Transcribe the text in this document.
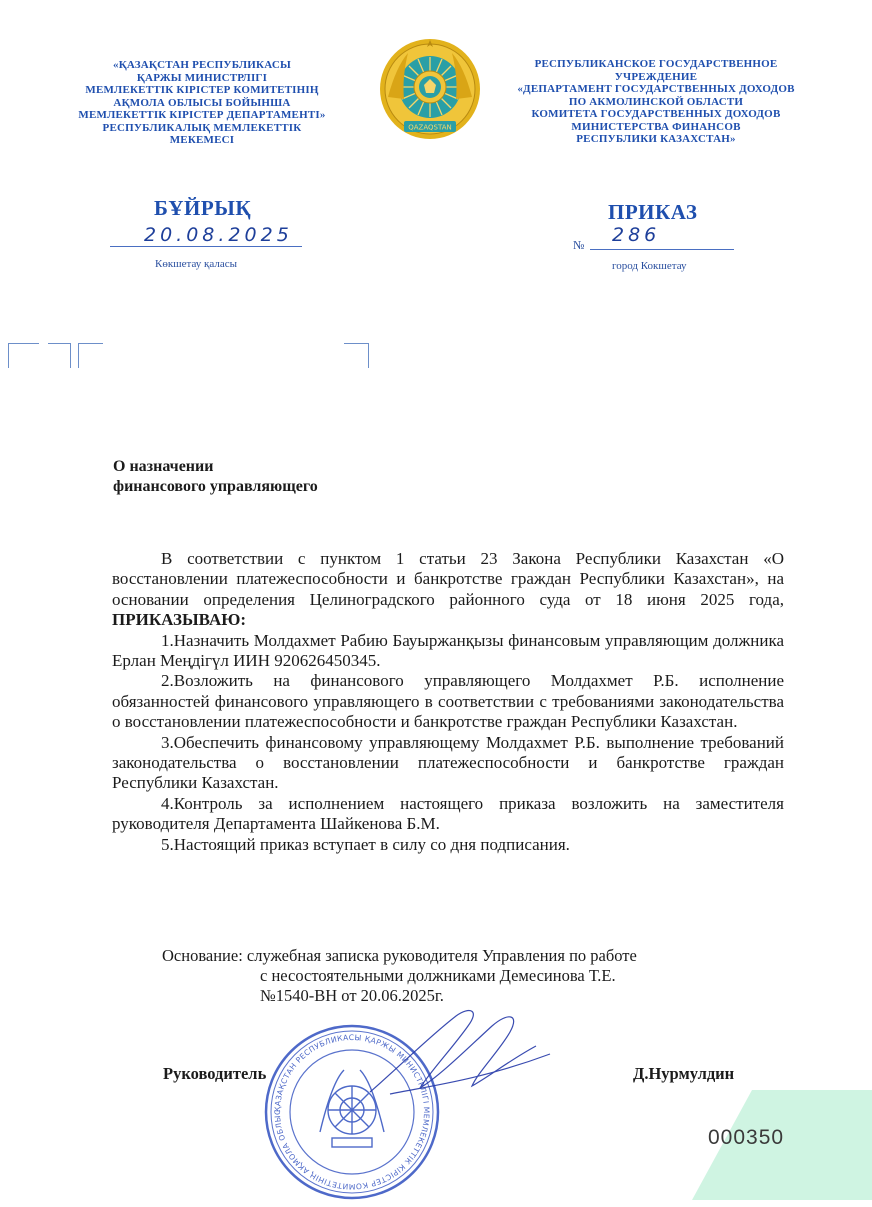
«ҚАЗАҚСТАН РЕСПУБЛИКАСЫ
ҚАРЖЫ МИНИСТРЛІГІ
МЕМЛЕКЕТТІК КІРІСТЕР КОМИТЕТІНІҢ
АҚМОЛА ОБЛЫСЫ БОЙЫНША
МЕМЛЕКЕТТІК КІРІСТЕР ДЕПАРТАМЕНТІ»
РЕСПУБЛИКАЛЫҚ МЕМЛЕКЕТТІК
МЕКЕМЕСІ
QAZAQSTAN
РЕСПУБЛИКАНСКОЕ ГОСУДАРСТВЕННОЕ
УЧРЕЖДЕНИЕ
«ДЕПАРТАМЕНТ ГОСУДАРСТВЕННЫХ ДОХОДОВ
ПО АКМОЛИНСКОЙ ОБЛАСТИ
КОМИТЕТА ГОСУДАРСТВЕННЫХ ДОХОДОВ
МИНИСТЕРСТВА ФИНАНСОВ
РЕСПУБЛИКИ КАЗАХСТАН»
БҰЙРЫҚ	ПРИКАЗ
20.08.2025
Көкшетау қаласы
№ 286
город Кокшетау
О назначении
финансового управляющего

В соответствии с пунктом 1 статьи 23 Закона Республики Казахстан «О восстановлении платежеспособности и банкротстве граждан Республики Казахстан», на основании определения Целиноградского районного суда от 18 июня 2025 года, ПРИКАЗЫВАЮ:

1.Назначить Молдахмет Рабию Бауыржанқызы финансовым управляющим должника Ерлан Меңдігүл ИИН 920626450345.

2.Возложить на финансового управляющего Молдахмет Р.Б. исполнение обязанностей финансового управляющего в соответствии с требованиями законодательства о восстановлении платежеспособности и банкротстве граждан Республики Казахстан.

3.Обеспечить финансовому управляющему Молдахмет Р.Б. выполнение требований законодательства о восстановлении платежеспособности и банкротстве граждан Республики Казахстан.

4.Контроль за исполнением настоящего приказа возложить на заместителя руководителя Департамента Шайкенова Б.М.

5.Настоящий приказ вступает в силу со дня подписания.

Основание: служебная записка руководителя Управления по работе
с несостоятельными должниками Демесинова Т.Е.
№1540-ВН от 20.06.2025г.
ҚАЗАҚСТАН РЕСПУБЛИКАСЫ ҚАРЖЫ МИНИСТРЛІГІ МЕМЛЕКЕТТІК КІРІСТЕР КОМИТЕТІНІҢ АҚМОЛА ОБЛЫС
Руководитель	Д.Нурмулдин
000350
